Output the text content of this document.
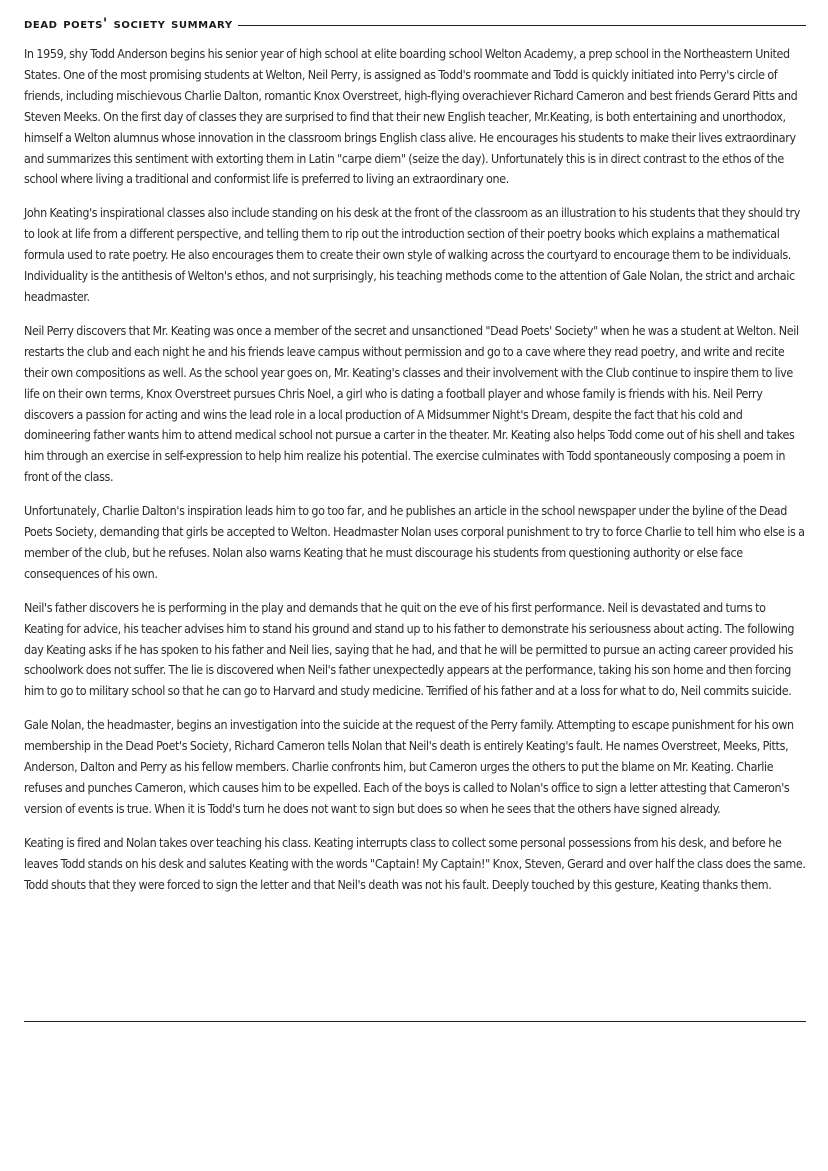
dead poets' society summary

In 1959, shy Todd Anderson begins his senior year of high school at elite boarding school Welton Academy, a prep school in the Northeastern United States. One of the most promising students at Welton, Neil Perry, is assigned as Todd's roommate and Todd is quickly initiated into Perry's circle of friends, including mischievous Charlie Dalton, romantic Knox Overstreet, high-flying overachiever Richard Cameron and best friends Gerard Pitts and Steven Meeks. On the first day of classes they are surprised to find that their new English teacher, Mr.Keating, is both entertaining and unorthodox, himself a Welton alumnus whose innovation in the classroom brings English class alive. He encourages his students to make their lives extraordinary and summarizes this sentiment with extorting them in Latin "carpe diem" (seize the day). Unfortunately this is in direct contrast to the ethos of the school where living a traditional and conformist life is preferred to living an extraordinary one.

John Keating's inspirational classes also include standing on his desk at the front of the classroom as an illustration to his students that they should try to look at life from a different perspective, and telling them to rip out the introduction section of their poetry books which explains a mathematical formula used to rate poetry. He also encourages them to create their own style of walking across the courtyard to encourage them to be individuals. Individuality is the antithesis of Welton's ethos, and not surprisingly, his teaching methods come to the attention of Gale Nolan, the strict and archaic headmaster.

Neil Perry discovers that Mr. Keating was once a member of the secret and unsanctioned "Dead Poets' Society" when he was a student at Welton. Neil restarts the club and each night he and his friends leave campus without permission and go to a cave where they read poetry, and write and recite their own compositions as well. As the school year goes on, Mr. Keating's classes and their involvement with the Club continue to inspire them to live life on their own terms, Knox Overstreet pursues Chris Noel, a girl who is dating a football player and whose family is friends with his. Neil Perry discovers a passion for acting and wins the lead role in a local production of A Midsummer Night's Dream, despite the fact that his cold and domineering father wants him to attend medical school not pursue a carter in the theater. Mr. Keating also helps Todd come out of his shell and takes him through an exercise in self-expression to help him realize his potential. The exercise culminates with Todd spontaneously composing a poem in front of the class.

Unfortunately, Charlie Dalton's inspiration leads him to go too far, and he publishes an article in the school newspaper under the byline of the Dead Poets Society, demanding that girls be accepted to Welton. Headmaster Nolan uses corporal punishment to try to force Charlie to tell him who else is a member of the club, but he refuses. Nolan also warns Keating that he must discourage his students from questioning authority or else face consequences of his own.

Neil's father discovers he is performing in the play and demands that he quit on the eve of his first performance. Neil is devastated and turns to Keating for advice, his teacher advises him to stand his ground and stand up to his father to demonstrate his seriousness about acting. The following day Keating asks if he has spoken to his father and Neil lies, saying that he had, and that he will be permitted to pursue an acting career provided his schoolwork does not suffer. The lie is discovered when Neil's father unexpectedly appears at the performance, taking his son home and then forcing him to go to military school so that he can go to Harvard and study medicine. Terrified of his father and at a loss for what to do, Neil commits suicide.

Gale Nolan, the headmaster, begins an investigation into the suicide at the request of the Perry family. Attempting to escape punishment for his own membership in the Dead Poet's Society, Richard Cameron tells Nolan that Neil's death is entirely Keating's fault. He names Overstreet, Meeks, Pitts, Anderson, Dalton and Perry as his fellow members. Charlie confronts him, but Cameron urges the others to put the blame on Mr. Keating. Charlie refuses and punches Cameron, which causes him to be expelled. Each of the boys is called to Nolan's office to sign a letter attesting that Cameron's version of events is true. When it is Todd's turn he does not want to sign but does so when he sees that the others have signed already.

Keating is fired and Nolan takes over teaching his class. Keating interrupts class to collect some personal possessions from his desk, and before he leaves Todd stands on his desk and salutes Keating with the words "Captain! My Captain!" Knox, Steven, Gerard and over half the class does the same. Todd shouts that they were forced to sign the letter and that Neil's death was not his fault. Deeply touched by this gesture, Keating thanks them.
